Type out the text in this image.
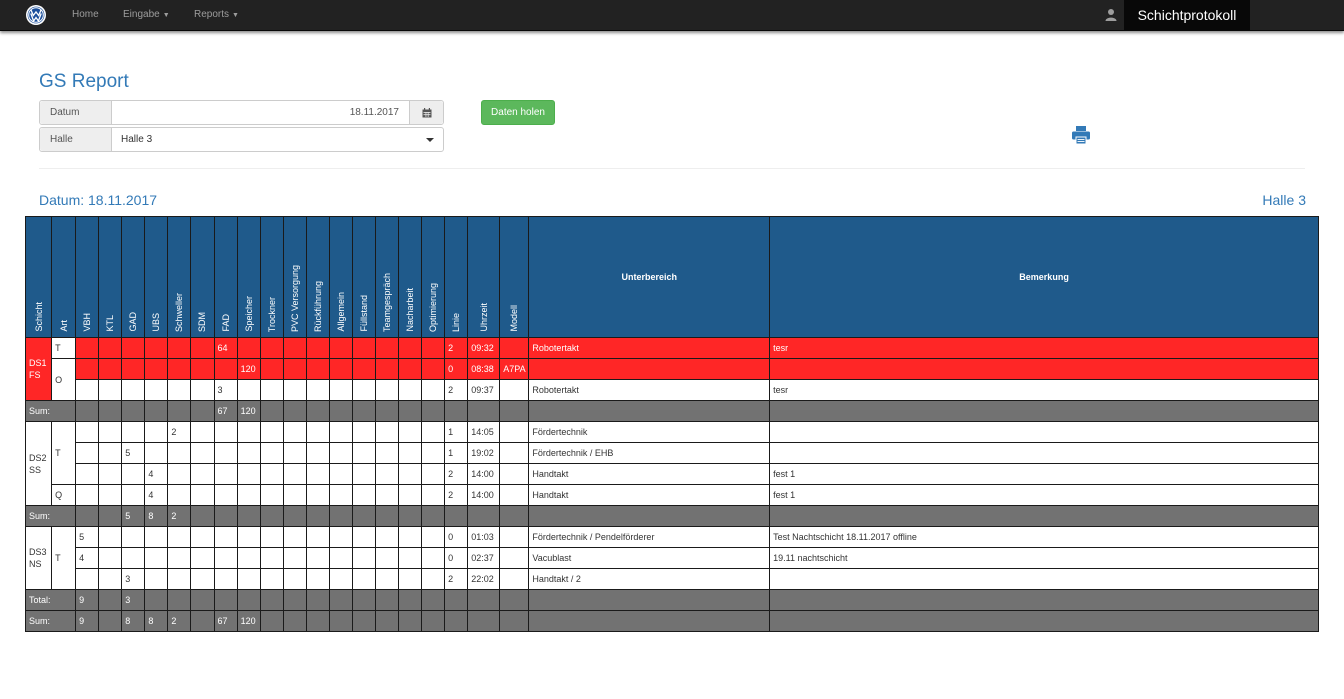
Home Eingabe ▼ Reports ▼	Schichtprotokoll
GS Report
Datum	18.11.2017
Halle	Halle 3
Daten holen
Datum: 18.11.2017	Halle 3
Schicht	Art	VBH	KTL	GAD	UBS	Schweller	SDM	FAD	Speicher	Trockner	PVC Versorgung	Rückführung	Allgemein	Füllstand	Teamgespräch	Nacharbeit	Optimierung	Linie	Uhrzeit	Modell	Unterbereich	Bemerkung

DS1
FS	T							64										2	09:32		Robotertakt	tesr
	O								120									0	08:38	A7PA		
								3										2	09:37		Robotertakt	tesr
Sum:								67	120													

DS2
SS	T					2												1	14:05		Fördertechnik	
				5														1	19:02		Fördertechnik / EHB	
					4													2	14:00		Handtakt	fest 1
	Q				4													2	14:00		Handtakt	fest 1
Sum:				5	8	2																

DS3
NS	T	5																0	01:03		Fördertechnik / Pendelförderer	Test Nachtschicht 18.11.2017 offline
		4																0	02:37		Vacublast	19.11 nachtschicht
				3														2	22:02		Handtakt / 2	
Total:		9		3																		
Sum:		9		8	8	2		67	120													
